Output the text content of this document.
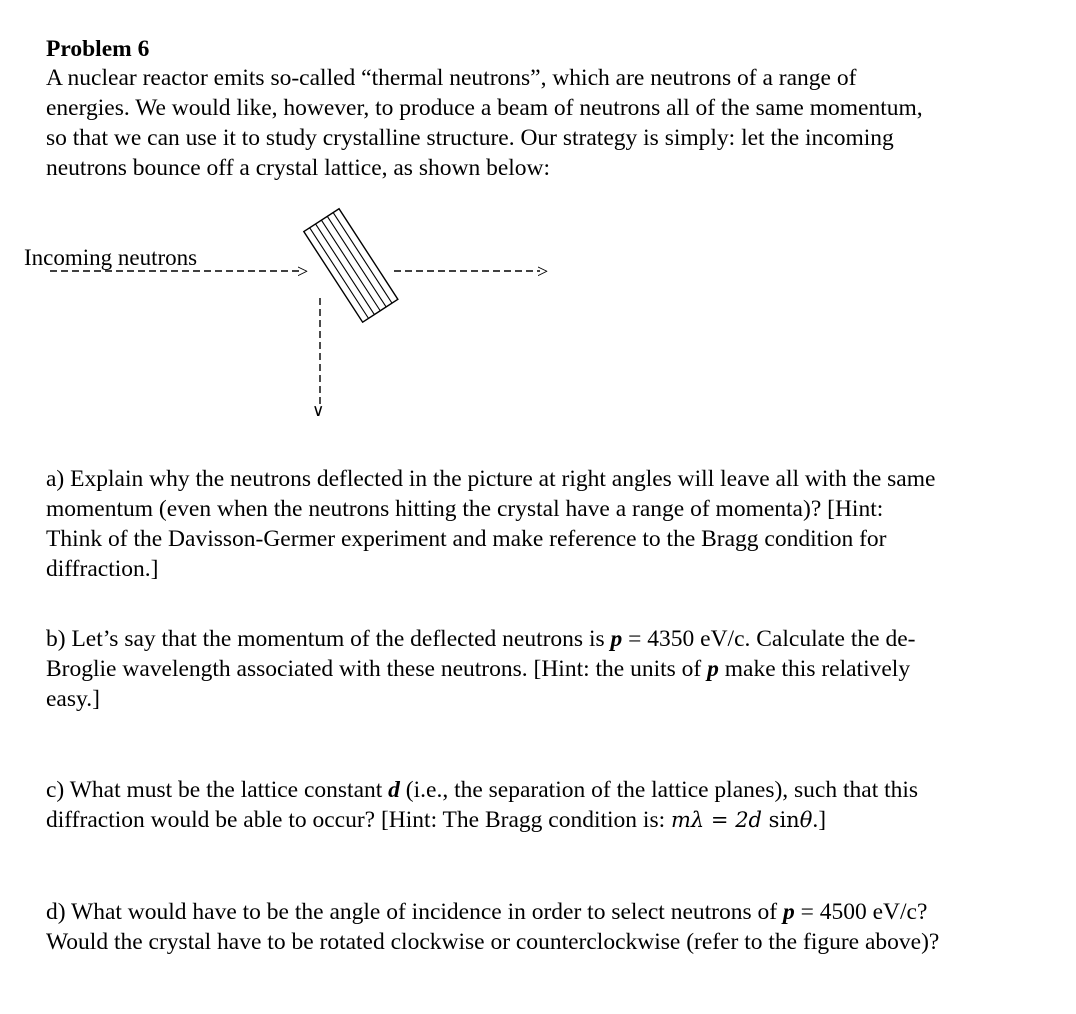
Problem 6
A nuclear reactor emits so-called “thermal neutrons”, which are neutrons of a range of
energies. We would like, however, to produce a beam of neutrons all of the same momentum,
so that we can use it to study crystalline structure. Our strategy is simply: let the incoming
neutrons bounce off a crystal lattice, as shown below:
Incoming neutrons
>	>
∨
a) Explain why the neutrons deflected in the picture at right angles will leave all with the same
momentum (even when the neutrons hitting the crystal have a range of momenta)? [Hint:
Think of the Davisson-Germer experiment and make reference to the Bragg condition for
diffraction.]
b) Let’s say that the momentum of the deflected neutrons is p = 4350 eV/c. Calculate the de-
Broglie wavelength associated with these neutrons. [Hint: the units of p make this relatively
easy.]
c) What must be the lattice constant d (i.e., the separation of the lattice planes), such that this
diffraction would be able to occur? [Hint: The Bragg condition is: mλ = 2d sinθ.]
d) What would have to be the angle of incidence in order to select neutrons of p = 4500 eV/c?
Would the crystal have to be rotated clockwise or counterclockwise (refer to the figure above)?
